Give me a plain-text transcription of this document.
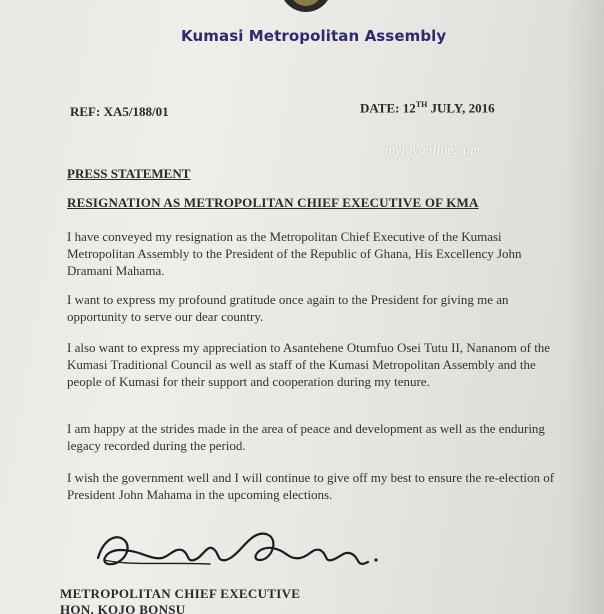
Kumasi Metropolitan Assembly
REF: XA5/188/01	DATE: 12TH JULY, 2016
myjoyonline.com
PRESS STATEMENT
RESIGNATION AS METROPOLITAN CHIEF EXECUTIVE OF KMA
I have conveyed my resignation as the Metropolitan Chief Executive of the Kumasi Metropolitan Assembly to the President of the Republic of Ghana, His Excellency John Dramani Mahama.
I want to express my profound gratitude once again to the President for giving me an opportunity to serve our dear country.
I also want to express my appreciation to Asantehene Otumfuo Osei Tutu II, Nananom of the Kumasi Traditional Council as well as staff of the Kumasi Metropolitan Assembly and the people of Kumasi for their support and cooperation during my tenure.
I am happy at the strides made in the area of peace and development as well as the enduring legacy recorded during the period.
I wish the government well and I will continue to give off my best to ensure the re-election of President John Mahama in the upcoming elections.
METROPOLITAN CHIEF EXECUTIVE
HON. KOJO BONSU
